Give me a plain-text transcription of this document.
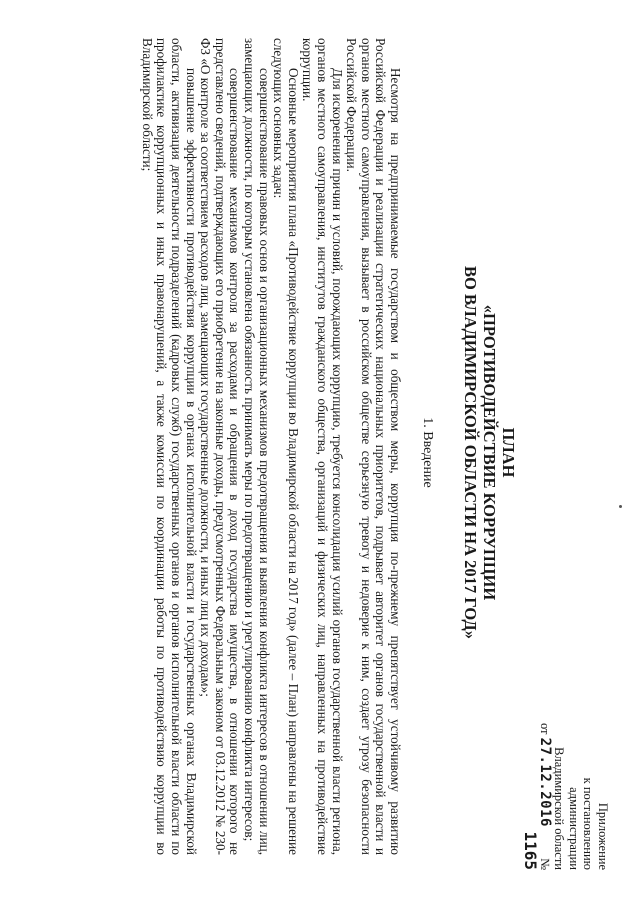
Приложение
к постановлению
администрации
Владимирской области
от 27.12.2016 № 1165
ПЛАН
«ПРОТИВОДЕЙСТВИЕ КОРРУПЦИИ
ВО ВЛАДИМИРСКОЙ ОБЛАСТИ НА 2017 ГОД»
1. Введение

Несмотря на предпринимаемые государством и обществом меры, коррупция по-прежнему препятствует устойчивому развитию Российской Федерации и реализации стратегических национальных приоритетов, подрывает авторитет органов государственной власти и органов местного самоуправления, вызывает в российском обществе серьезную тревогу и недоверие к ним, создает угрозу безопасности Российской Федерации.

Для искоренения причин и условий, порождающих коррупцию, требуется консолидация усилий органов государственной власти региона, органов местного самоуправления, институтов гражданского общества, организаций и физических лиц, направленных на противодействие коррупции.

Основные мероприятия плана «Противодействие коррупции во Владимирской области на 2017 год» (далее – План) направлены на решение следующих основных задач:

совершенствование правовых основ и организационных механизмов предотвращения и выявления конфликта интересов в отношении лиц, замещающих должности, по которым установлена обязанность принимать меры по предотвращению и урегулированию конфликта интересов;

совершенствование механизмов контроля за расходами и обращения в доход государства имущества, в отношении которого не представлено сведений, подтверждающих его приобретение на законные доходы, предусмотренных Федеральным законом от 03.12.2012 № 230-ФЗ «О контроле за соответствием расходов лиц, замещающих государственные должности, и иных лиц их доходам»;

повышение эффективности противодействия коррупции в органах исполнительной власти и государственных органах Владимирской области, активизация деятельности подразделений (кадровых служб) государственных органов и органов исполнительной власти области по профилактике коррупционных и иных правонарушений, а также комиссии по координации работы по противодействию коррупции во Владимирской области;
